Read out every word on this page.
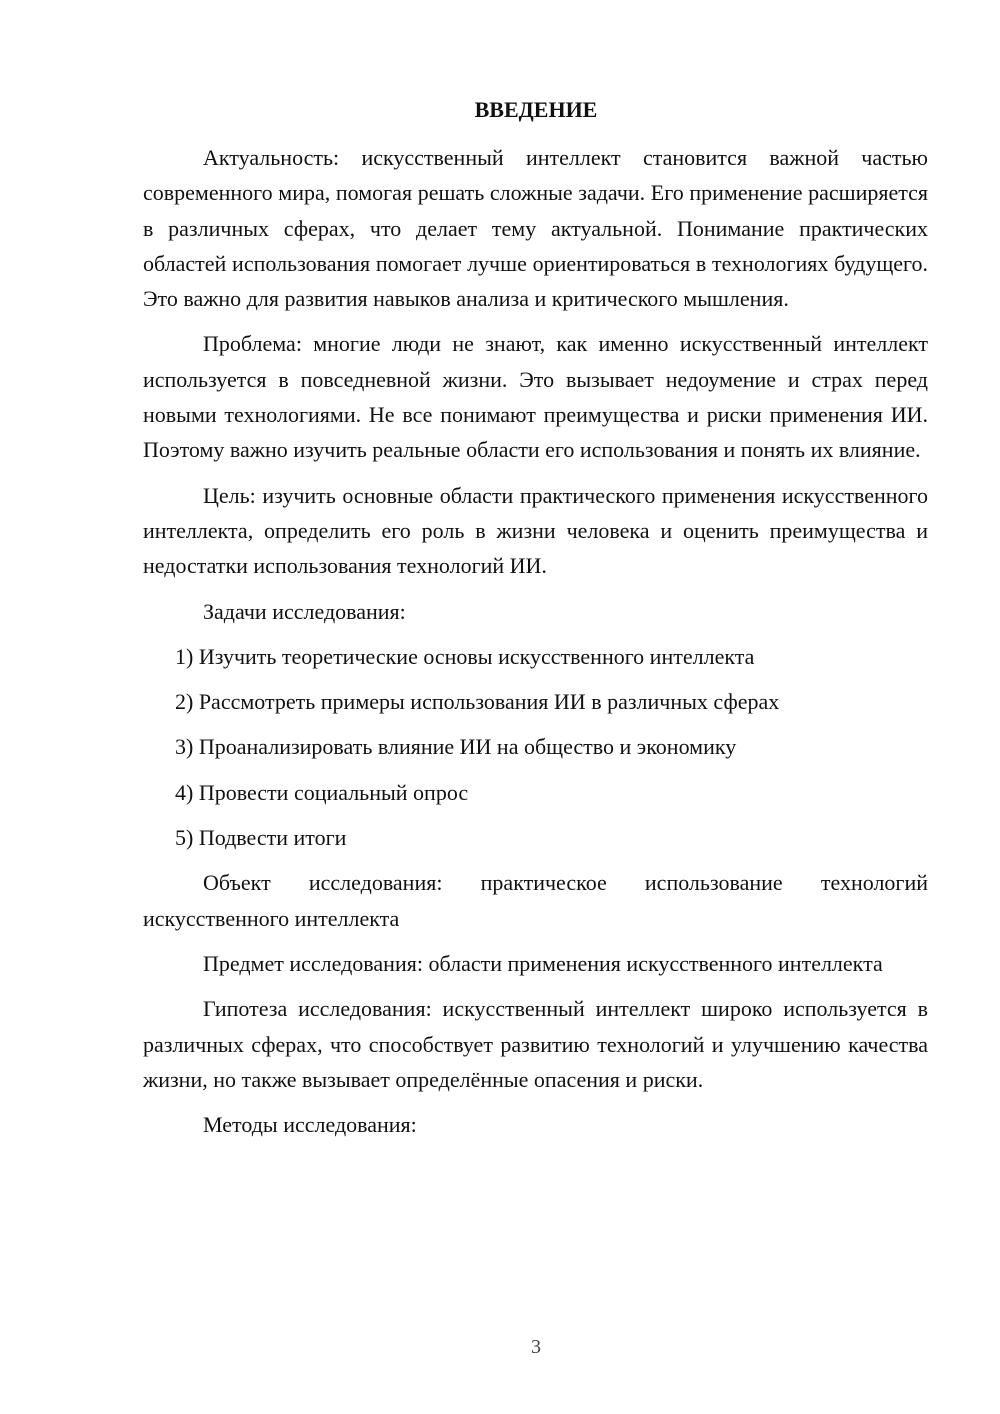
ВВЕДЕНИЕ

Актуальность: искусственный интеллект становится важной частью современного мира, помогая решать сложные задачи. Его применение расширяется в различных сферах, что делает тему актуальной. Понимание практических областей использования помогает лучше ориентироваться в технологиях будущего. Это важно для развития навыков анализа и критического мышления.

Проблема: многие люди не знают, как именно искусственный интеллект используется в повседневной жизни. Это вызывает недоумение и страх перед новыми технологиями. Не все понимают преимущества и риски применения ИИ. Поэтому важно изучить реальные области его использования и понять их влияние.

Цель: изучить основные области практического применения искусственного интеллекта, определить его роль в жизни человека и оценить преимущества и недостатки использования технологий ИИ.

Задачи исследования:

1) Изучить теоретические основы искусственного интеллекта

2) Рассмотреть примеры использования ИИ в различных сферах

3) Проанализировать влияние ИИ на общество и экономику

4) Провести социальный опрос

5) Подвести итоги

Объект исследования: практическое использование технологий искусственного интеллекта

Предмет исследования: области применения искусственного интеллекта

Гипотеза исследования: искусственный интеллект широко используется в различных сферах, что способствует развитию технологий и улучшению качества жизни, но также вызывает определённые опасения и риски.

Методы исследования:

3
